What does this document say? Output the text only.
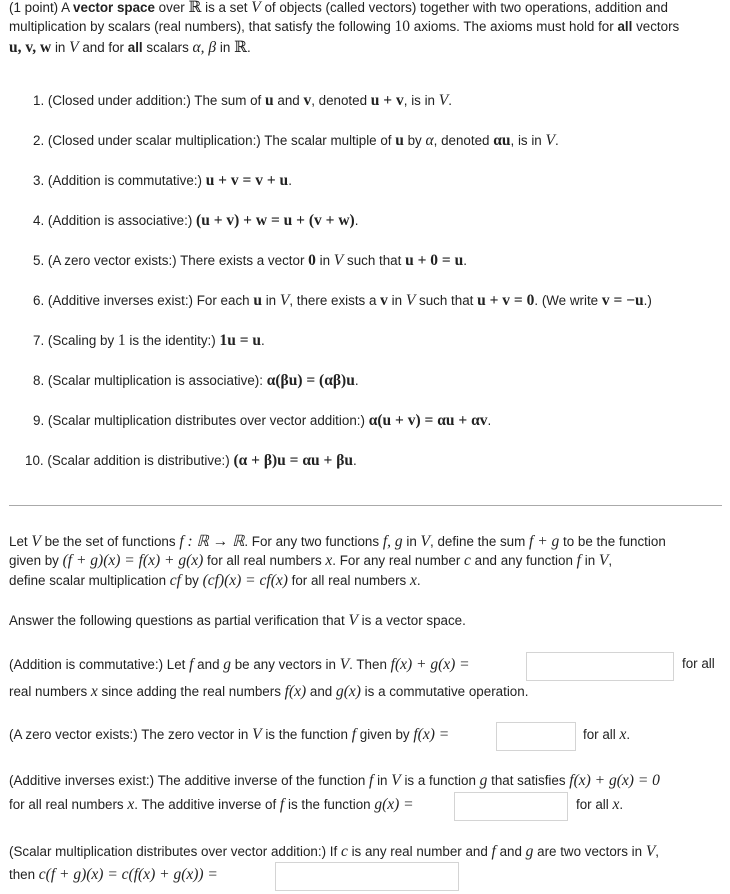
(1 point) A vector space over ℝ is a set V of objects (called vectors) together with two operations, addition and
multiplication by scalars (real numbers), that satisfy the following 10 axioms. The axioms must hold for all vectors
u, v, w in V and for all scalars α, β in ℝ.
1. (Closed under addition:) The sum of u and v, denoted u + v, is in V.
2. (Closed under scalar multiplication:) The scalar multiple of u by α, denoted αu, is in V.
3. (Addition is commutative:) u + v = v + u.
4. (Addition is associative:) (u + v) + w = u + (v + w).
5. (A zero vector exists:) There exists a vector 0 in V such that u + 0 = u.
6. (Additive inverses exist:) For each u in V, there exists a v in V such that u + v = 0. (We write v = −u.)
7. (Scaling by 1 is the identity:) 1u = u.
8. (Scalar multiplication is associative): α(βu) = (αβ)u.
9. (Scalar multiplication distributes over vector addition:) α(u + v) = αu + αv.
10. (Scalar addition is distributive:) (α + β)u = αu + βu.
Let V be the set of functions f : ℝ → ℝ. For any two functions f, g in V, define the sum f + g to be the function
given by (f + g)(x) = f(x) + g(x) for all real numbers x. For any real number c and any function f in V,
define scalar multiplication cf by (cf)(x) = cf(x) for all real numbers x.
Answer the following questions as partial verification that V is a vector space.
(Addition is commutative:) Let f and g be any vectors in V. Then f(x) + g(x) =	for all
real numbers x since adding the real numbers f(x) and g(x) is a commutative operation.
(A zero vector exists:) The zero vector in V is the function f given by f(x) =	for all x.
(Additive inverses exist:) The additive inverse of the function f in V is a function g that satisfies f(x) + g(x) = 0
for all real numbers x. The additive inverse of f is the function g(x) =	for all x.
(Scalar multiplication distributes over vector addition:) If c is any real number and f and g are two vectors in V,
then c(f + g)(x) = c(f(x) + g(x)) =
